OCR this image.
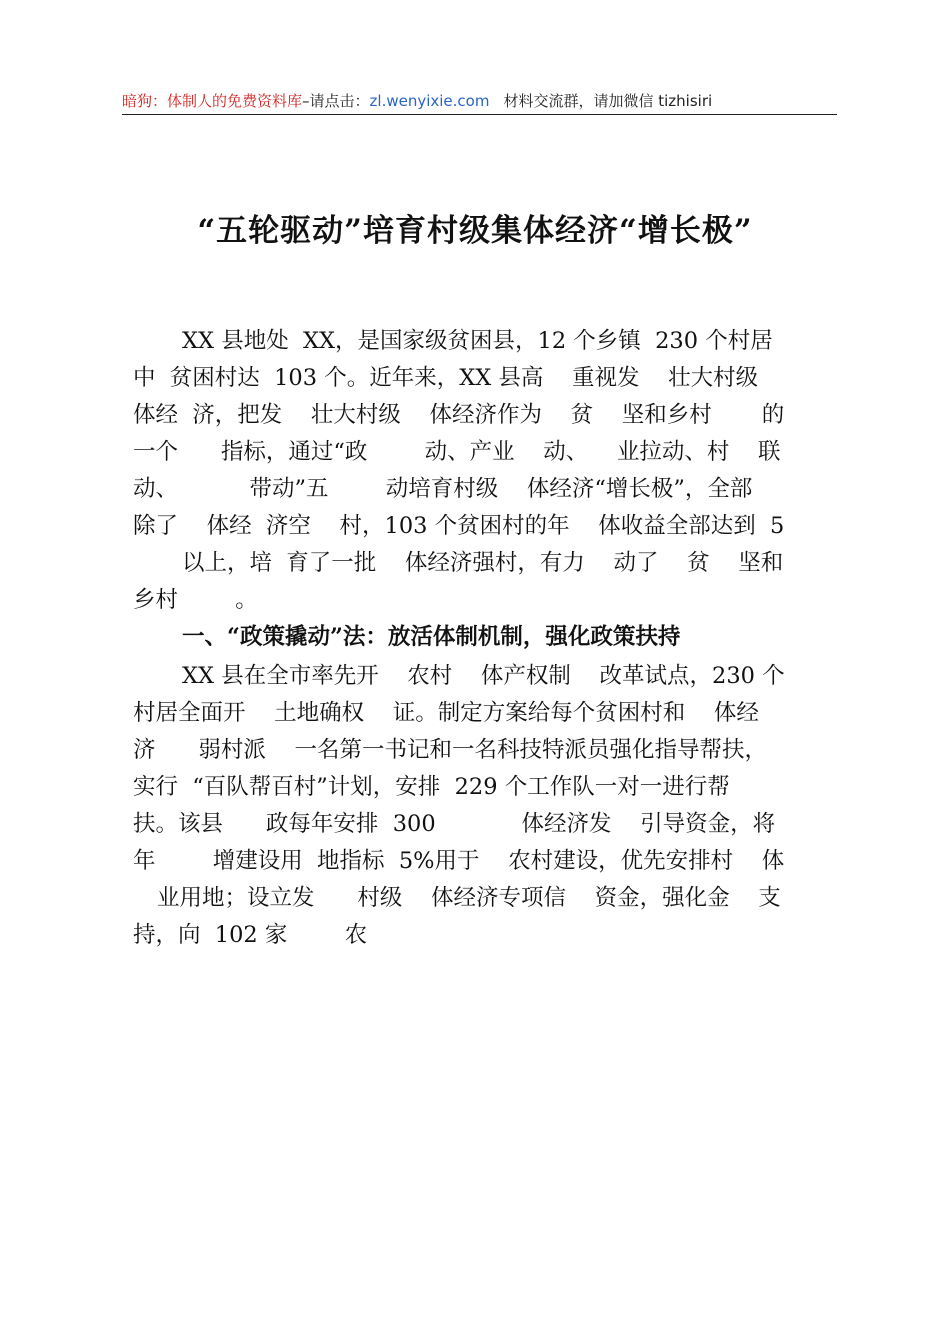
暗狗：体制人的免费资料库–请点击：zl.wenyixie.com 材料交流群，请加微信 tizhisiri
“五轮驱动”培育村级集体经济“增长极”
XX 县地处  XX，是国家级贫困县，12 个乡镇  230 个村居
中  贫困村达  103 个。近年来，XX 县高    重视发    壮大村级
体经  济，把发    壮大村级    体经济作为    贫    坚和乡村       的
一个      指标，通过“政        动、产业    动、    业拉动、村    联
动、          带动”五        动培育村级    体经济“增长极”，全部
除了    体经  济空    村，103 个贫困村的年    体收益全部达到  5
以上，培  育了一批    体经济强村，有力    动了    贫    坚和
乡村        。
一、“政策撬动”法：放活体制机制，强化政策扶持
XX 县在全市率先开    农村    体产权制    改革试点，230 个
村居全面开    土地确权    证。制定方案给每个贫困村和    体经
济      弱村派    一名第一书记和一名科技特派员强化指导帮扶，
实行  “百队帮百村”计划，安排  229 个工作队一对一进行帮
扶。该县      政每年安排  300            体经济发    引导资金，将
年        增建设用  地指标  5%用于    农村建设，优先安排村    体
业用地；设立发      村级    体经济专项信    资金，强化金    支
持，向  102 家        农
